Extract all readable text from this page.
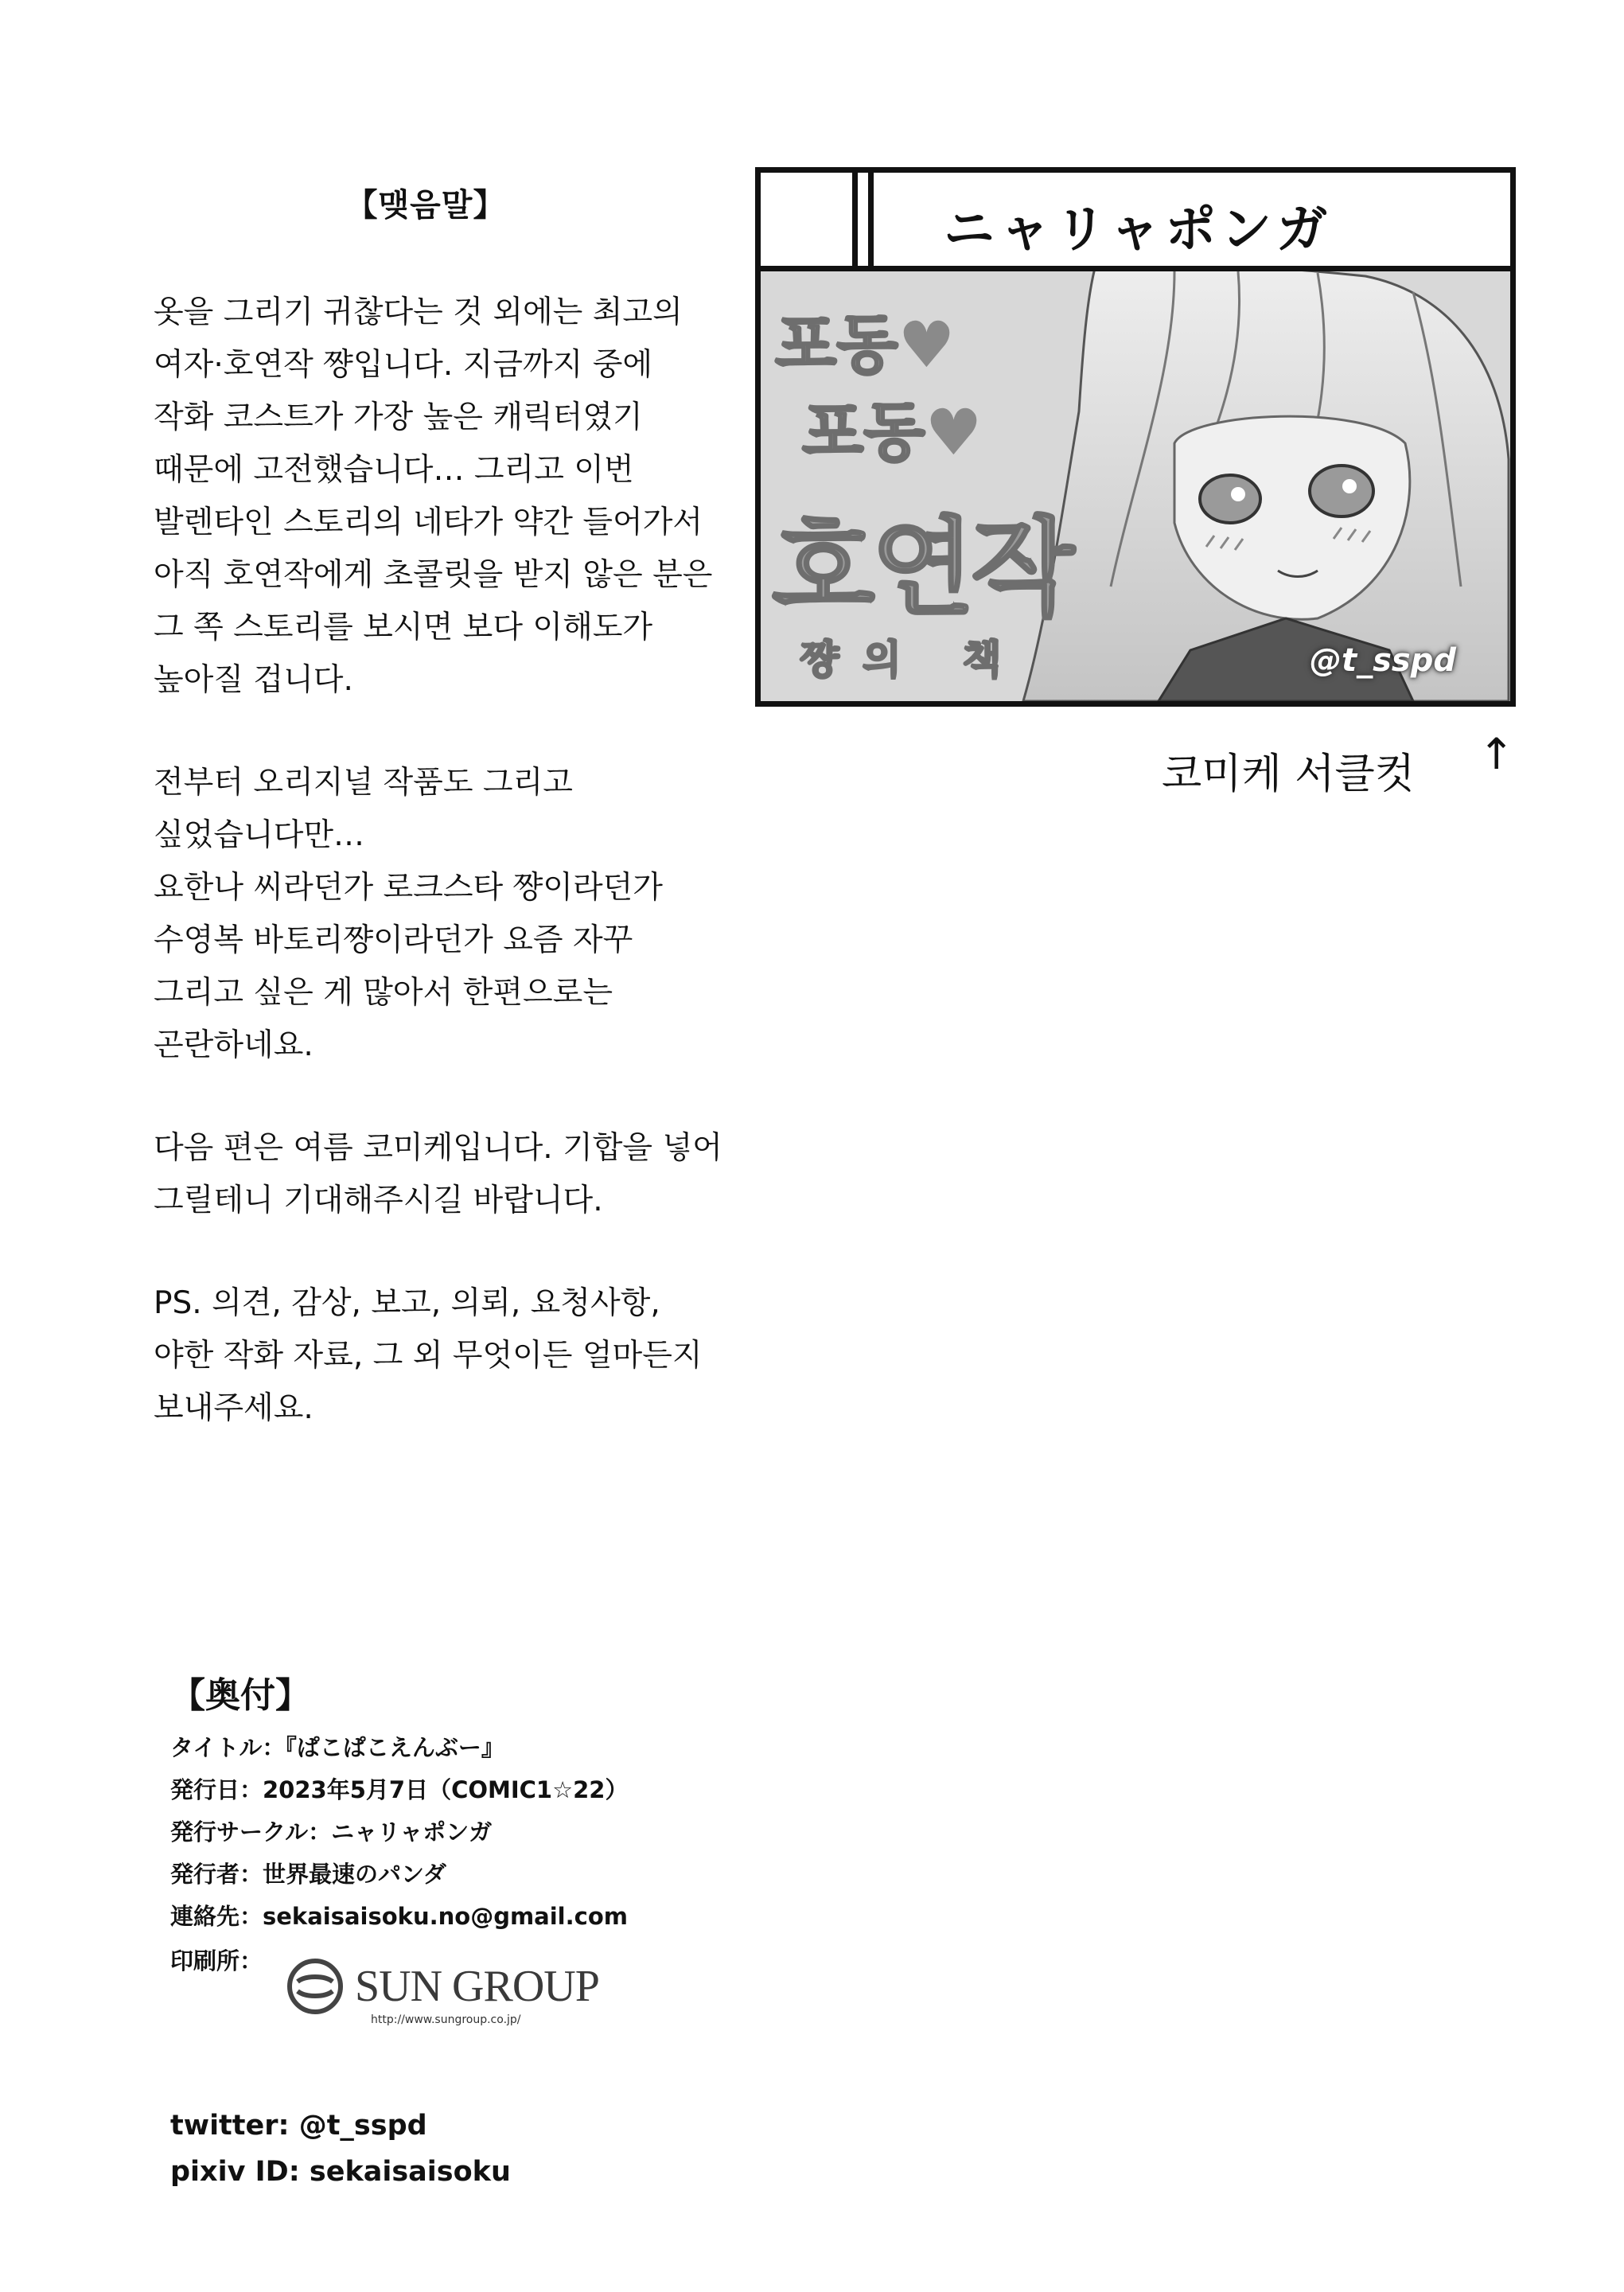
【맺음말】
옷을 그리기 귀찮다는 것 외에는 최고의
여자·호연작 쨩입니다. 지금까지 중에
작화 코스트가 가장 높은 캐릭터였기
때문에 고전했습니다… 그리고 이번
발렌타인 스토리의 네타가 약간 들어가서
아직 호연작에게 초콜릿을 받지 않은 분은
그 쪽 스토리를 보시면 보다 이해도가
높아질 겁니다.
전부터 오리지널 작품도 그리고
싶었습니다만…
요한나 씨라던가 로크스타 쨩이라던가
수영복 바토리쨩이라던가 요즘 자꾸
그리고 싶은 게 많아서 한편으로는
곤란하네요.
다음 편은 여름 코미케입니다. 기합을 넣어
그릴테니 기대해주시길 바랍니다.
PS. 의견, 감상, 보고, 의뢰, 요청사항,
야한 작화 자료, 그 외 무엇이든 얼마든지
보내주세요.
ニャリャポンガ
포동♥
포동♥
호연작
쨩의 책	@t_sspd
코미케 서클컷 ↑
【奥付】
タイトル：『ぱこぱこえんぶー』
発行日：2023年5月7日（COMIC1☆22）
発行サークル：ニャリャポンガ
発行者：世界最速のパンダ
連絡先：sekaisaisoku.no@gmail.com
印刷所：
SUN GROUP
http://www.sungroup.co.jp/
twitter: @t_sspd
pixiv ID: sekaisaisoku
